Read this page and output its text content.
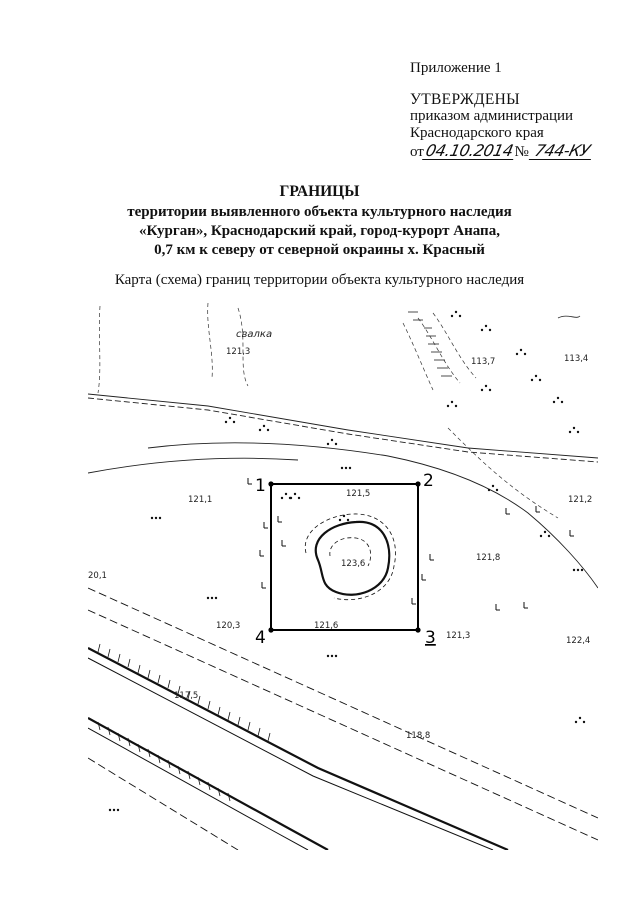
Приложение 1
УТВЕРЖДЕНЫ
приказом администрации
Краснодарского края
от04.10.2014№ 744-КУ
ГРАНИЦЫ
территории выявленного объекта культурного наследия
«Курган», Краснодарский край, город-курорт Анапа,
0,7 км к северу от северной окраины х. Красный
Карта (схема) границ территории объекта культурного наследия
1	2
3
4
свалка
121,3
113,7	113,4
121,1
121,5
121,2
121,8
123,6
20,1
120,3	121,6
121,3	122,4
117,5
118,8
